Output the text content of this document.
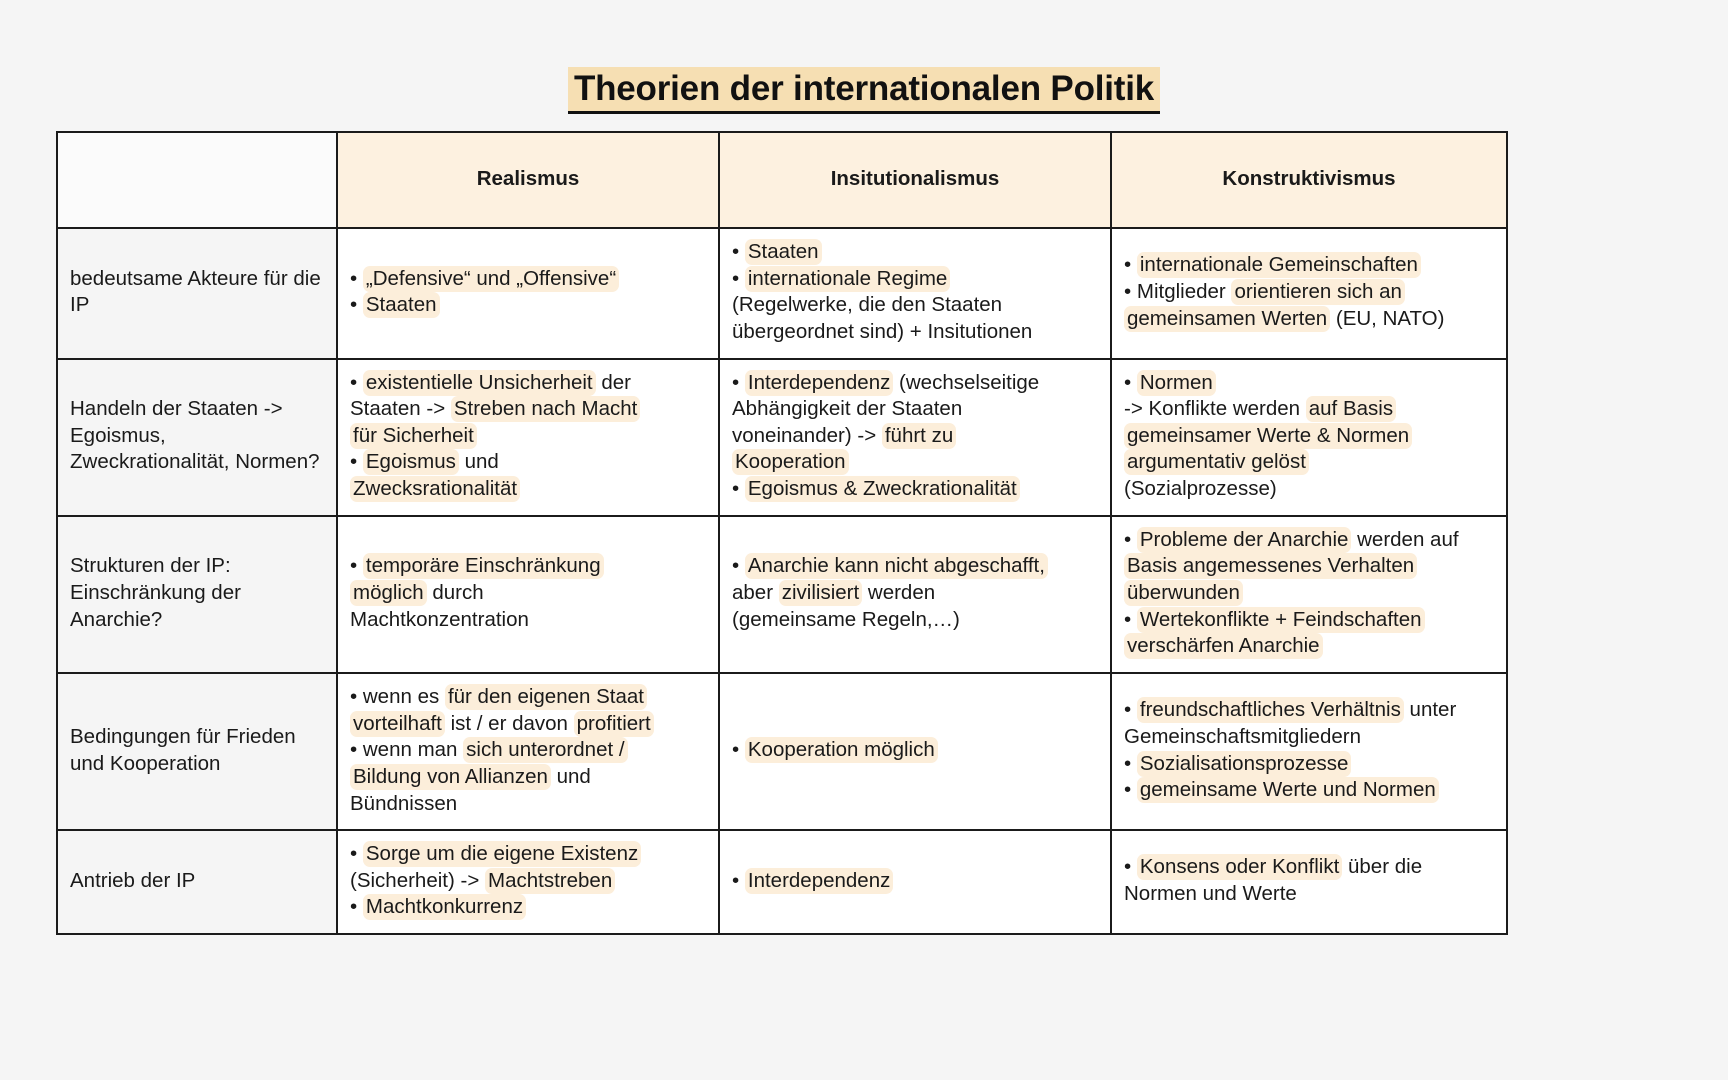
Theorien der internationalen Politik
	Realismus	Insitutionalismus	Konstruktivismus
bedeutsame Akteure für die IP	• „Defensive“ und „Offensive“
• Staaten	• Staaten
• internationale Regime
(Regelwerke, die den Staaten
übergeordnet sind) + Insitutionen	• internationale Gemeinschaften
• Mitglieder orientieren sich an
gemeinsamen Werten (EU, NATO)

Handeln der Staaten -> Egoismus, Zweckrationalität, Normen?	• existentielle Unsicherheit der
Staaten -> Streben nach Macht
für Sicherheit
• Egoismus und
Zwecksrationalität	• Interdependenz (wechselseitige
Abhängigkeit der Staaten
voneinander) -> führt zu
Kooperation
• Egoismus & Zweckrationalität	• Normen
-> Konflikte werden auf Basis
gemeinsamer Werte & Normen
argumentativ gelöst
(Sozialprozesse)

Strukturen der IP: Einschränkung der Anarchie?	• temporäre Einschränkung
möglich durch
Machtkonzentration	• Anarchie kann nicht abgeschafft,
aber zivilisiert werden
(gemeinsame Regeln,…)	• Probleme der Anarchie werden auf
Basis angemessenes Verhalten
überwunden
• Wertekonflikte + Feindschaften
verschärfen Anarchie

Bedingungen für Frieden und Kooperation	• wenn es für den eigenen Staat
vorteilhaft ist / er davon profitiert
• wenn man sich unterordnet /
Bildung von Allianzen und
Bündnissen	• Kooperation möglich	• freundschaftliches Verhältnis unter
Gemeinschaftsmitgliedern
• Sozialisationsprozesse
• gemeinsame Werte und Normen

Antrieb der IP	• Sorge um die eigene Existenz
(Sicherheit) -> Machtstreben
• Machtkonkurrenz	• Interdependenz	• Konsens oder Konflikt über die
Normen und Werte
